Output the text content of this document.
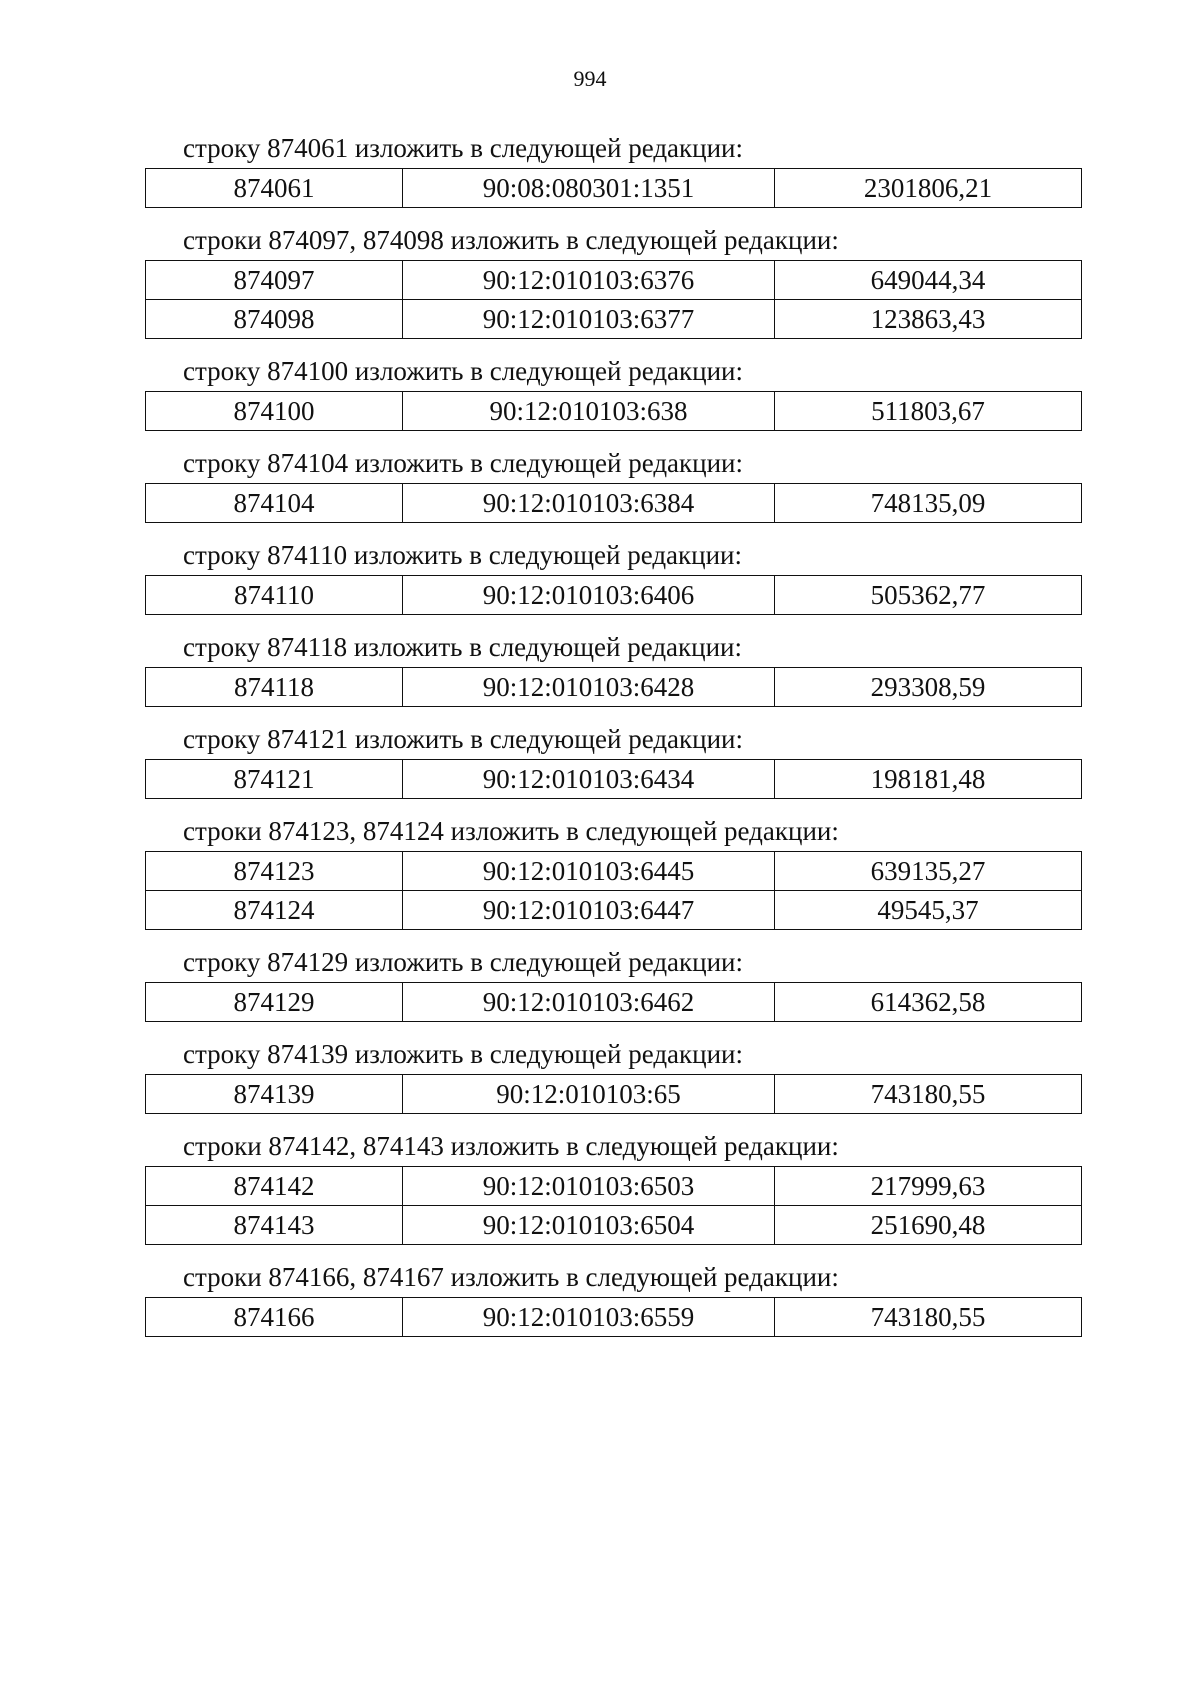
994
строку 874061 изложить в следующей редакции:
874061	90:08:080301:1351	2301806,21
строки 874097, 874098 изложить в следующей редакции:
874097	90:12:010103:6376	649044,34
874098	90:12:010103:6377	123863,43
строку 874100 изложить в следующей редакции:
874100	90:12:010103:638	511803,67
строку 874104 изложить в следующей редакции:
874104	90:12:010103:6384	748135,09
строку 874110 изложить в следующей редакции:
874110	90:12:010103:6406	505362,77
строку 874118 изложить в следующей редакции:
874118	90:12:010103:6428	293308,59
строку 874121 изложить в следующей редакции:
874121	90:12:010103:6434	198181,48
строки 874123, 874124 изложить в следующей редакции:
874123	90:12:010103:6445	639135,27
874124	90:12:010103:6447	49545,37
строку 874129 изложить в следующей редакции:
874129	90:12:010103:6462	614362,58
строку 874139 изложить в следующей редакции:
874139	90:12:010103:65	743180,55
строки 874142, 874143 изложить в следующей редакции:
874142	90:12:010103:6503	217999,63
874143	90:12:010103:6504	251690,48
строки 874166, 874167 изложить в следующей редакции:
874166	90:12:010103:6559	743180,55
